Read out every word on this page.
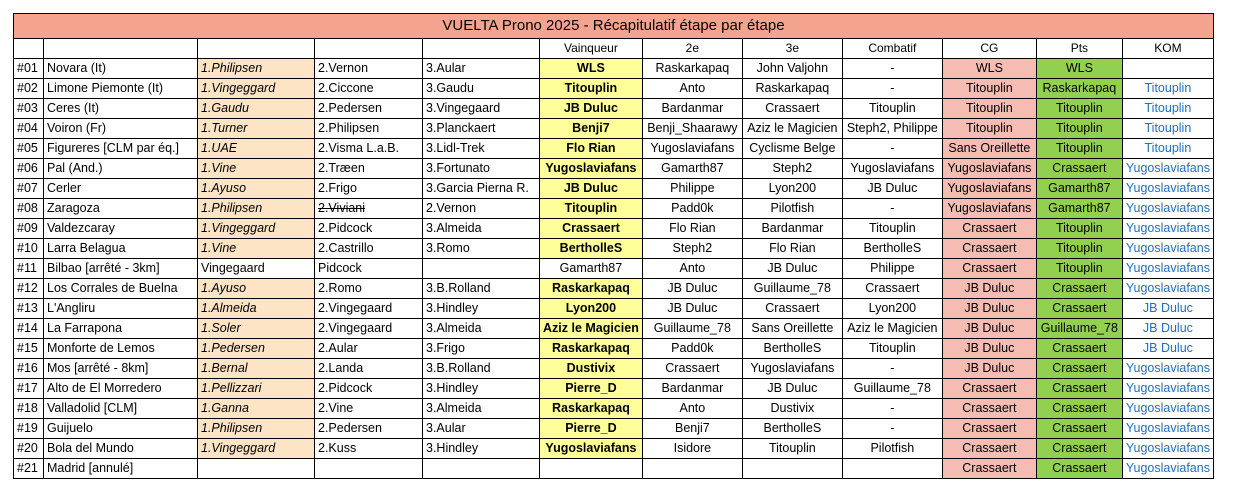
VUELTA Prono 2025 - Récapitulatif étape par étape											
					Vainqueur	2e	3e	Combatif	CG	Pts	KOM
#01	Novara (It)	1.Philipsen	2.Vernon	3.Aular	WLS	Raskarkapaq	John Valjohn	-	WLS	WLS	
#02	Limone Piemonte (It)	1.Vingeggard	2.Ciccone	3.Gaudu	Titouplin	Anto	Raskarkapaq	-	Titouplin	Raskarkapaq	Titouplin
#03	Ceres (It)	1.Gaudu	2.Pedersen	3.Vingegaard	JB Duluc	Bardanmar	Crassaert	Titouplin	Titouplin	Titouplin	Titouplin
#04	Voiron (Fr)	1.Turner	2.Philipsen	3.Planckaert	Benji7	Benji_Shaarawy	Aziz le Magicien	Steph2, Philippe	Titouplin	Titouplin	Titouplin
#05	Figureres [CLM par éq.]	1.UAE	2.Visma L.a.B.	3.Lidl-Trek	Flo Rian	Yugoslaviafans	Cyclisme Belge	-	Sans Oreillette	Titouplin	Titouplin
#06	Pal (And.)	1.Vine	2.Træen	3.Fortunato	Yugoslaviafans	Gamarth87	Steph2	Yugoslaviafans	Yugoslaviafans	Crassaert	Yugoslaviafans
#07	Cerler	1.Ayuso	2.Frigo	3.Garcia Pierna R.	JB Duluc	Philippe	Lyon200	JB Duluc	Yugoslaviafans	Gamarth87	Yugoslaviafans
#08	Zaragoza	1.Philipsen	2.Viviani	2.Vernon	Titouplin	Padd0k	Pilotfish	-	Yugoslaviafans	Gamarth87	Yugoslaviafans
#09	Valdezcaray	1.Vingeggard	2.Pidcock	3.Almeida	Crassaert	Flo Rian	Bardanmar	Titouplin	Crassaert	Titouplin	Yugoslaviafans
#10	Larra Belagua	1.Vine	2.Castrillo	3.Romo	BertholleS	Steph2	Flo Rian	BertholleS	Crassaert	Titouplin	Yugoslaviafans
#11	Bilbao [arrêté - 3km]	Vingegaard	Pidcock		Gamarth87	Anto	JB Duluc	Philippe	Crassaert	Titouplin	Yugoslaviafans
#12	Los Corrales de Buelna	1.Ayuso	2.Romo	3.B.Rolland	Raskarkapaq	JB Duluc	Guillaume_78	Crassaert	JB Duluc	Crassaert	Yugoslaviafans
#13	L'Angliru	1.Almeida	2.Vingegaard	3.Hindley	Lyon200	JB Duluc	Crassaert	Lyon200	JB Duluc	Crassaert	JB Duluc
#14	La Farrapona	1.Soler	2.Vingegaard	3.Almeida	Aziz le Magicien	Guillaume_78	Sans Oreillette	Aziz le Magicien	JB Duluc	Guillaume_78	JB Duluc
#15	Monforte de Lemos	1.Pedersen	2.Aular	3.Frigo	Raskarkapaq	Padd0k	BertholleS	Titouplin	JB Duluc	Crassaert	JB Duluc
#16	Mos [arrêté - 8km]	1.Bernal	2.Landa	3.B.Rolland	Dustivix	Crassaert	Yugoslaviafans	-	JB Duluc	Crassaert	Yugoslaviafans
#17	Alto de El Morredero	1.Pellizzari	2.Pidcock	3.Hindley	Pierre_D	Bardanmar	JB Duluc	Guillaume_78	Crassaert	Crassaert	Yugoslaviafans
#18	Valladolid [CLM]	1.Ganna	2.Vine	3.Almeida	Raskarkapaq	Anto	Dustivix	-	Crassaert	Crassaert	Yugoslaviafans
#19	Guijuelo	1.Philipsen	2.Pedersen	3.Aular	Pierre_D	Benji7	BertholleS	-	Crassaert	Crassaert	Yugoslaviafans
#20	Bola del Mundo	1.Vingeggard	2.Kuss	3.Hindley	Yugoslaviafans	Isidore	Titouplin	Pilotfish	Crassaert	Crassaert	Yugoslaviafans
#21	Madrid [annulé]								Crassaert	Crassaert	Yugoslaviafans
